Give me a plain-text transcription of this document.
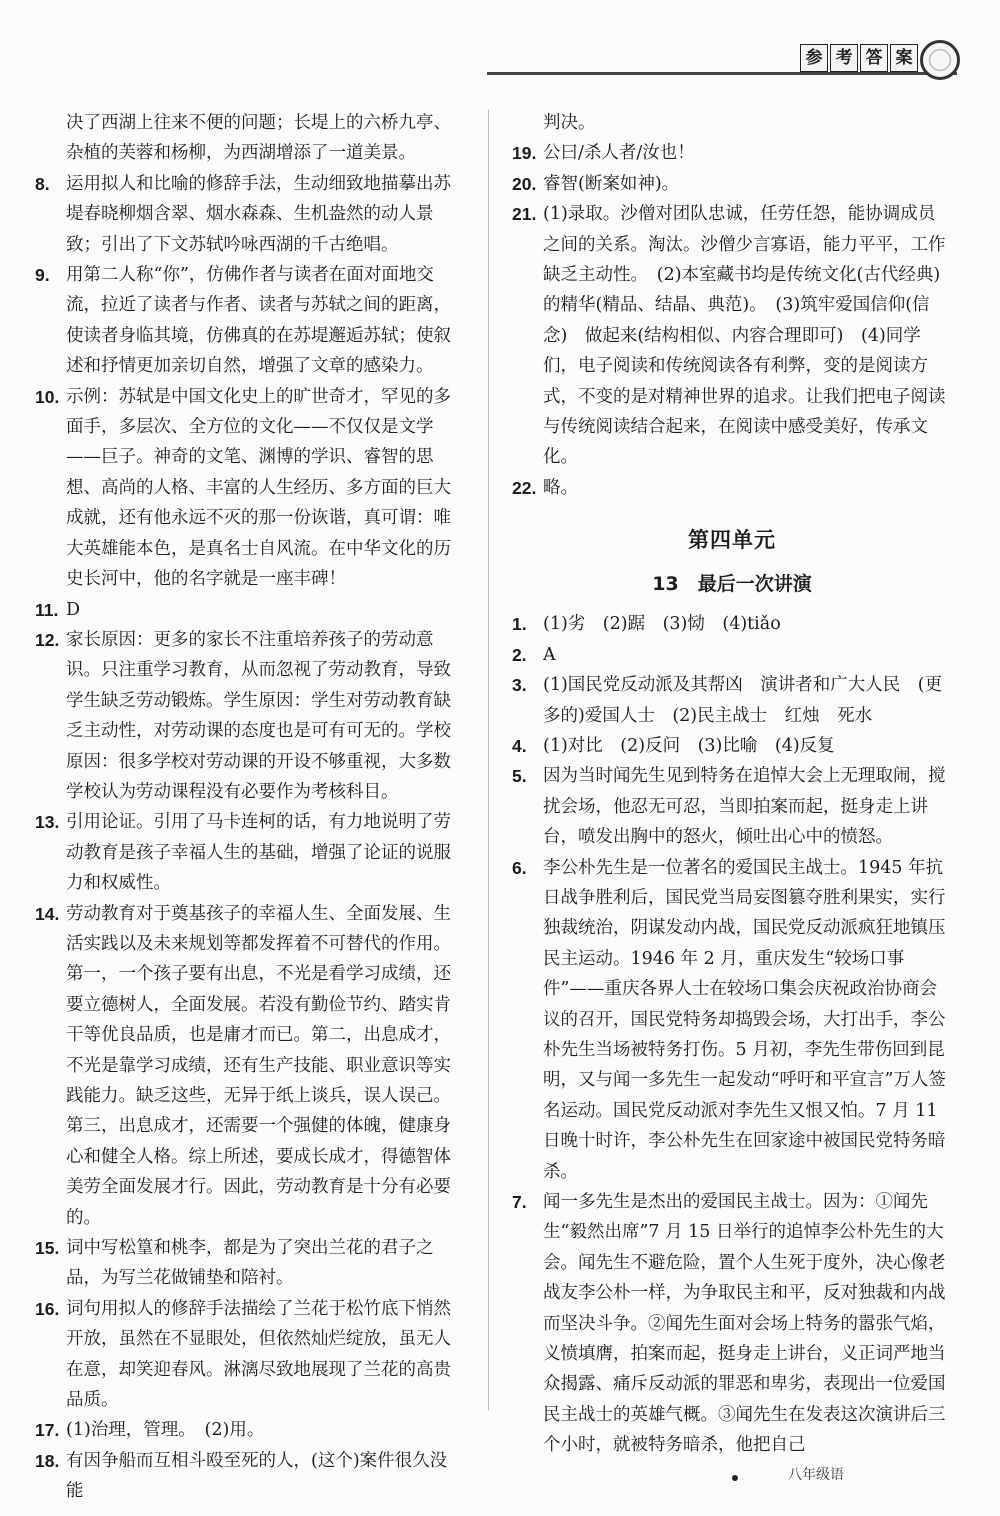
参 考 答 案

决了西湖上往来不便的问题；长堤上的六桥九亭、杂植的芙蓉和杨柳，为西湖增添了一道美景。

8. 运用拟人和比喻的修辞手法，生动细致地描摹出苏堤春晓柳烟含翠、烟水森森、生机盎然的动人景致；引出了下文苏轼吟咏西湖的千古绝唱。

9. 用第二人称“你”，仿佛作者与读者在面对面地交流，拉近了读者与作者、读者与苏轼之间的距离，使读者身临其境，仿佛真的在苏堤邂逅苏轼；使叙述和抒情更加亲切自然，增强了文章的感染力。

10. 示例：苏轼是中国文化史上的旷世奇才，罕见的多面手，多层次、全方位的文化——不仅仅是文学——巨子。神奇的文笔、渊博的学识、睿智的思想、高尚的人格、丰富的人生经历、多方面的巨大成就，还有他永远不灭的那一份诙谐，真可谓：唯大英雄能本色，是真名士自风流。在中华文化的历史长河中，他的名字就是一座丰碑！

11. D

12. 家长原因：更多的家长不注重培养孩子的劳动意识。只注重学习教育，从而忽视了劳动教育，导致学生缺乏劳动锻炼。学生原因：学生对劳动教育缺乏主动性，对劳动课的态度也是可有可无的。学校原因：很多学校对劳动课的开设不够重视，大多数学校认为劳动课程没有必要作为考核科目。

13. 引用论证。引用了马卡连柯的话，有力地说明了劳动教育是孩子幸福人生的基础，增强了论证的说服力和权威性。

14. 劳动教育对于奠基孩子的幸福人生、全面发展、生活实践以及未来规划等都发挥着不可替代的作用。第一，一个孩子要有出息，不光是看学习成绩，还要立德树人，全面发展。若没有勤俭节约、踏实肯干等优良品质，也是庸才而已。第二，出息成才，不光是靠学习成绩，还有生产技能、职业意识等实践能力。缺乏这些，无异于纸上谈兵，误人误己。第三，出息成才，还需要一个强健的体魄，健康身心和健全人格。综上所述，要成长成才，得德智体美劳全面发展才行。因此，劳动教育是十分有必要的。

15. 词中写松篁和桃李，都是为了突出兰花的君子之品，为写兰花做铺垫和陪衬。

16. 词句用拟人的修辞手法描绘了兰花于松竹底下悄然开放，虽然在不显眼处，但依然灿烂绽放，虽无人在意，却笑迎春风。淋漓尽致地展现了兰花的高贵品质。

17. (1)治理，管理。　(2)用。

18. 有因争船而互相斗殴至死的人，(这个)案件很久没能

判决。

19. 公曰/杀人者/汝也！

20. 睿智(断案如神)。

21. (1)录取。沙僧对团队忠诚，任劳任怨，能协调成员之间的关系。淘汰。沙僧少言寡语，能力平平，工作缺乏主动性。　(2)本室藏书均是传统文化(古代经典)的精华(精品、结晶、典范)。　(3)筑牢爱国信仰(信念)　做起来(结构相似、内容合理即可)　(4)同学们，电子阅读和传统阅读各有利弊，变的是阅读方式，不变的是对精神世界的追求。让我们把电子阅读与传统阅读结合起来，在阅读中感受美好，传承文化。

22. 略。

第四单元
13　最后一次讲演

1. (1)劣　(2)踞　(3)恸　(4)tiǎo

2. A

3. (1)国民党反动派及其帮凶　演讲者和广大人民　(更多的)爱国人士　(2)民主战士　红烛　死水

4. (1)对比　(2)反问　(3)比喻　(4)反复

5. 因为当时闻先生见到特务在追悼大会上无理取闹，搅扰会场，他忍无可忍，当即拍案而起，挺身走上讲台，喷发出胸中的怒火，倾吐出心中的愤怒。

6. 李公朴先生是一位著名的爱国民主战士。1945 年抗日战争胜利后，国民党当局妄图篡夺胜利果实，实行独裁统治，阴谋发动内战，国民党反动派疯狂地镇压民主运动。1946 年 2 月，重庆发生“较场口事件”——重庆各界人士在较场口集会庆祝政治协商会议的召开，国民党特务却捣毁会场，大打出手，李公朴先生当场被特务打伤。5 月初，李先生带伤回到昆明，又与闻一多先生一起发动“呼吁和平宣言”万人签名运动。国民党反动派对李先生又恨又怕。7 月 11 日晚十时许，李公朴先生在回家途中被国民党特务暗杀。

7. 闻一多先生是杰出的爱国民主战士。因为：①闻先生“毅然出席”7 月 15 日举行的追悼李公朴先生的大会。闻先生不避危险，置个人生死于度外，决心像老战友李公朴一样，为争取民主和平，反对独裁和内战而坚决斗争。②闻先生面对会场上特务的嚣张气焰，义愤填膺，拍案而起，挺身走上讲台，义正词严地当众揭露、痛斥反动派的罪恶和卑劣，表现出一位爱国民主战士的英雄气概。③闻先生在发表这次演讲后三个小时，就被特务暗杀，他把自己

八年级语
